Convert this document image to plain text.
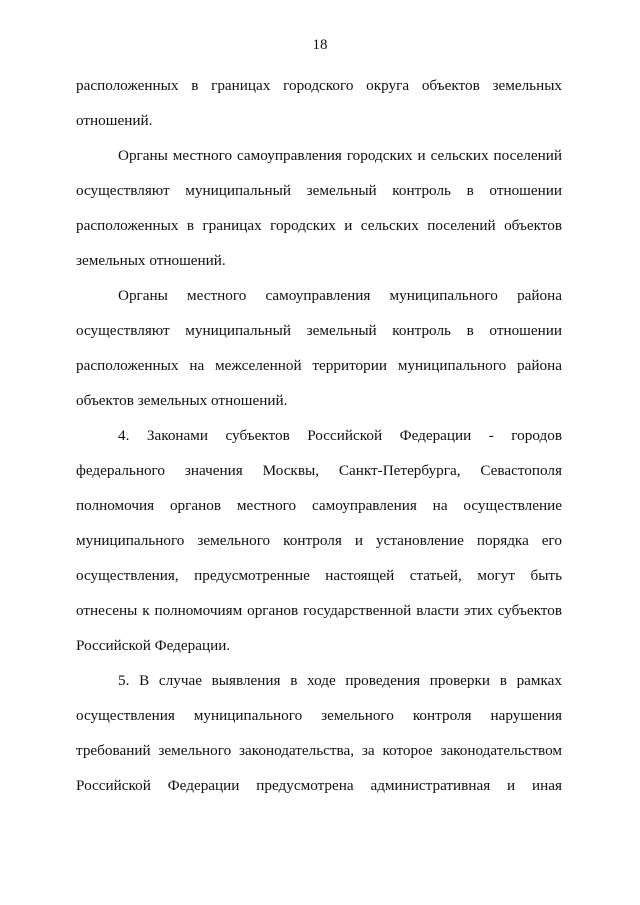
18
расположенных в границах городского округа объектов земельных
отношений.
Органы местного самоуправления городских и сельских поселений
осуществляют муниципальный земельный контроль в отношении
расположенных в границах городских и сельских поселений объектов
земельных отношений.
Органы местного самоуправления муниципального района
осуществляют муниципальный земельный контроль в отношении
расположенных на межселенной территории муниципального района
объектов земельных отношений.
4. Законами субъектов Российской Федерации - городов
федерального значения Москвы, Санкт-Петербурга, Севастополя
полномочия органов местного самоуправления на осуществление
муниципального земельного контроля и установление порядка его
осуществления, предусмотренные настоящей статьей, могут быть
отнесены к полномочиям органов государственной власти этих субъектов
Российской Федерации.
5. В случае выявления в ходе проведения проверки в рамках
осуществления муниципального земельного контроля нарушения
требований земельного законодательства, за которое законодательством
Российской Федерации предусмотрена административная и иная
